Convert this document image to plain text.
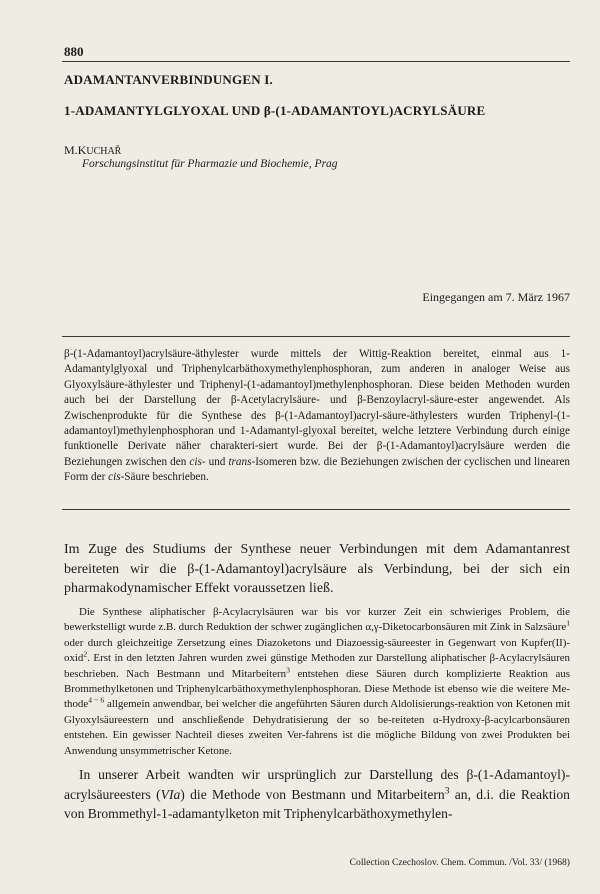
880
ADAMANTANVERBINDUNGEN I.
1-ADAMANTYLGLYOXAL UND β-(1-ADAMANTOYL)ACRYLSÄURE
M.KUCHAŘ
Forschungsinstitut für Pharmazie und Biochemie, Prag
Eingegangen am 7. März 1967
β-(1-Adamantoyl)acrylsäure-äthylester wurde mittels der Wittig-Reaktion bereitet, einmal aus 1-Adamantylglyoxal und Triphenylcarbäthoxymethylenphosphoran, zum anderen in analoger Weise aus Glyoxylsäure-äthylester und Triphenyl-(1-adamantoyl)methylenphosphoran. Diese beiden Methoden wurden auch bei der Darstellung der β-Acetylacrylsäure- und β-Benzoylacryl-säure-ester angewendet. Als Zwischenprodukte für die Synthese des β-(1-Adamantoyl)acryl-säure-äthylesters wurden Triphenyl-(1-adamantoyl)methylenphosphoran und 1-Adamantyl-glyoxal bereitet, welche letztere Verbindung durch einige funktionelle Derivate näher charakteri-siert wurde. Bei der β-(1-Adamantoyl)acrylsäure werden die Beziehungen zwischen den cis- und trans-Isomeren bzw. die Beziehungen zwischen der cyclischen und linearen Form der cis-Säure beschrieben.
Im Zuge des Studiums der Synthese neuer Verbindungen mit dem Adamantanrest bereiteten wir die β-(1-Adamantoyl)acrylsäure als Verbindung, bei der sich ein pharmakodynamischer Effekt voraussetzen ließ.
Die Synthese aliphatischer β-Acylacrylsäuren war bis vor kurzer Zeit ein schwieriges Problem, die bewerkstelligt wurde z.B. durch Reduktion der schwer zugänglichen α,γ-Diketocarbonsäuren mit Zink in Salzsäure$^1$ oder durch gleichzeitige Zersetzung eines Diazoketons und Diazoessig-säureester in Gegenwart von Kupfer(II)-oxid$^2$. Erst in den letzten Jahren wurden zwei günstige Methoden zur Darstellung aliphatischer β-Acylacrylsäuren beschrieben. Nach Bestmann und Mitarbeitern$^3$ entstehen diese Säuren durch komplizierte Reaktion aus Brommethylketonen und Triphenylcarbäthoxymethylenphosphoran. Diese Methode ist ebenso wie die weitere Me-thode$^{4 - 6}$ allgemein anwendbar, bei welcher die angeführten Säuren durch Aldolisierungs-reaktion von Ketonen mit Glyoxylsäureestern und anschließende Dehydratisierung der so be-reiteten α-Hydroxy-β-acylcarbonsäuren entstehen. Ein gewisser Nachteil dieses zweiten Ver-fahrens ist die mögliche Bildung von zwei Produkten bei Anwendung unsymmetrischer Ketone.
In unserer Arbeit wandten wir ursprünglich zur Darstellung des β-(1-Adamantoyl)-acrylsäureesters (VIa) die Methode von Bestmann und Mitarbeitern$^3$ an, d.i. die Reaktion von Brommethyl-1-adamantylketon mit Triphenylcarbäthoxymethylen-
Collection Czechoslov. Chem. Commun. /Vol. 33/ (1968)
